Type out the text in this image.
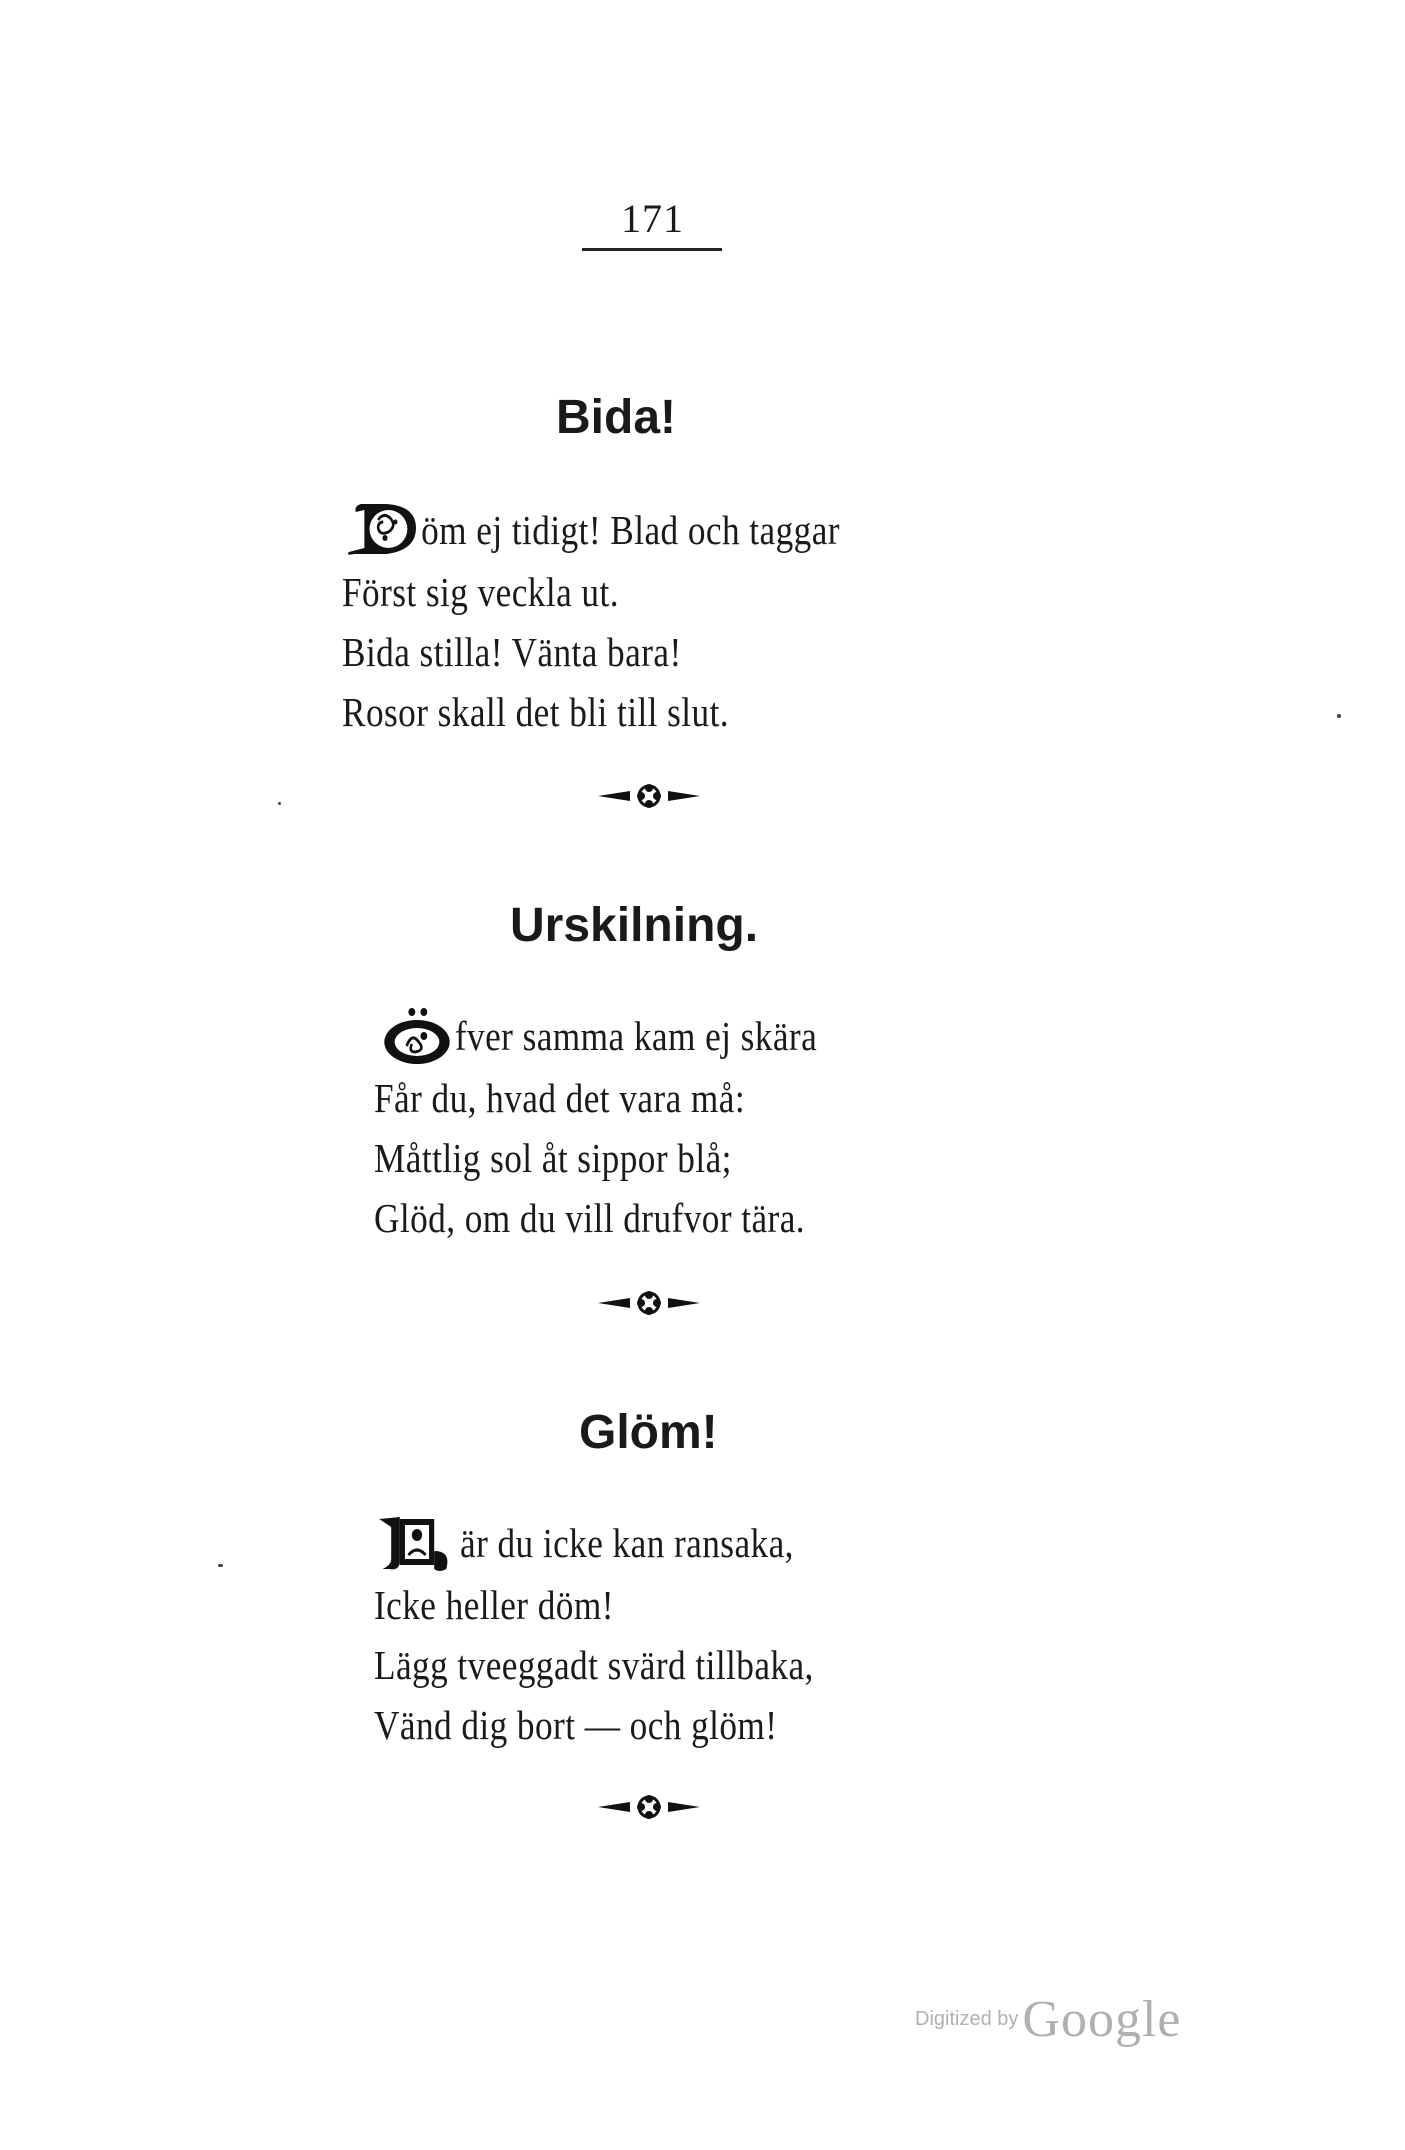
171
Bida!
öm ej tidigt! Blad och taggar
Först sig veckla ut.
Bida stilla! Vänta bara!
Rosor skall det bli till slut.
Urskilning.
fver samma kam ej skära
Får du, hvad det vara må:
Måttlig sol åt sippor blå;
Glöd, om du vill drufvor tära.
Glöm!
är du icke kan ransaka,
Icke heller döm!
Lägg tveeggadt svärd tillbaka,
Vänd dig bort — och glöm!
Digitized by Google
